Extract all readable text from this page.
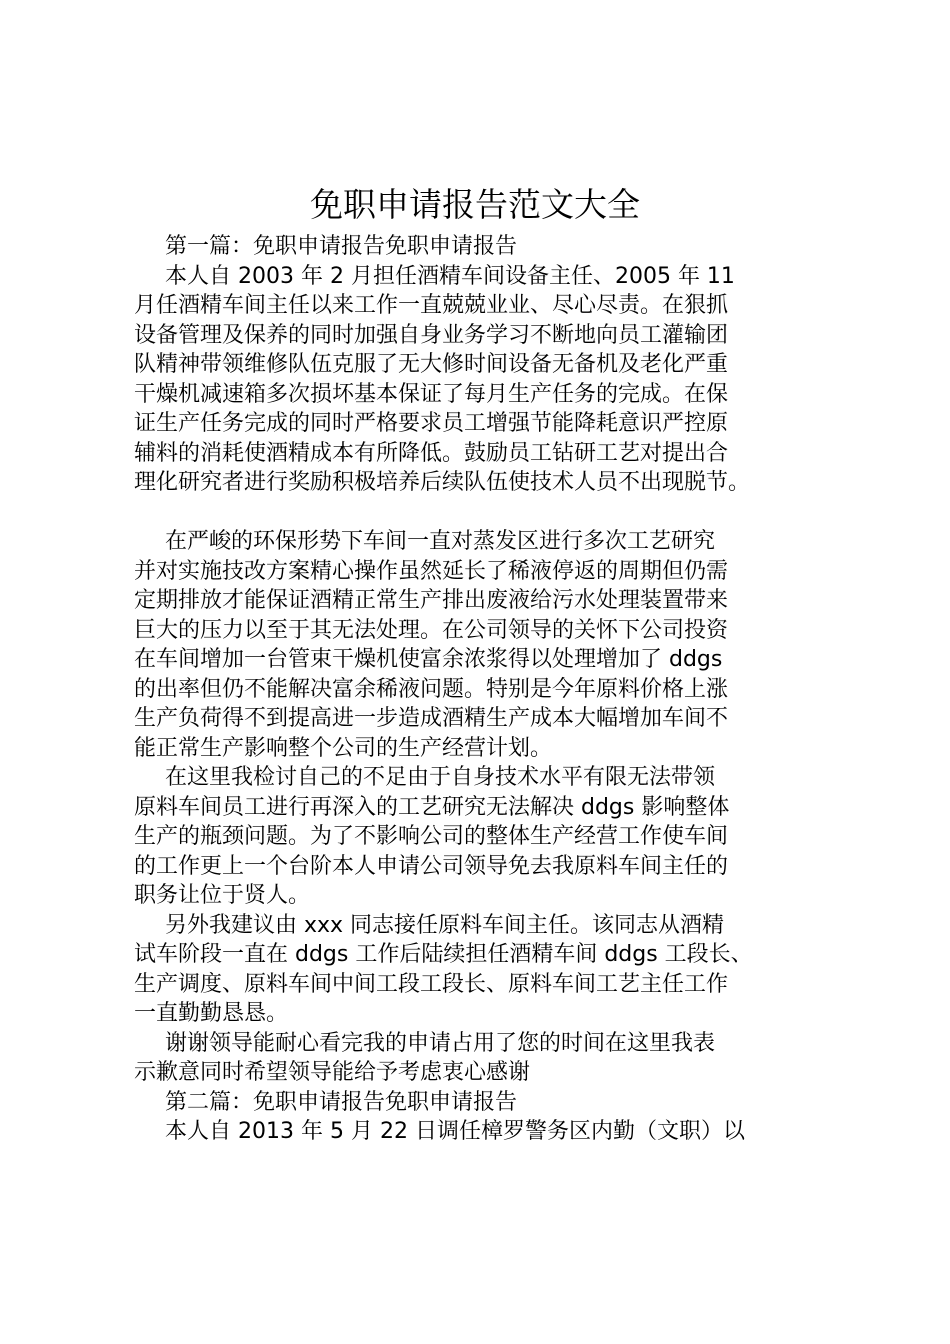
免职申请报告范文大全
第一篇：免职申请报告免职申请报告
本人自 2003 年 2 月担任酒精车间设备主任、2005 年 11
月任酒精车间主任以来工作一直兢兢业业、尽心尽责。在狠抓
设备管理及保养的同时加强自身业务学习不断地向员工灌输团
队精神带领维修队伍克服了无大修时间设备无备机及老化严重
干燥机减速箱多次损坏基本保证了每月生产任务的完成。在保
证生产任务完成的同时严格要求员工增强节能降耗意识严控原
辅料的消耗使酒精成本有所降低。鼓励员工钻研工艺对提出合
理化研究者进行奖励积极培养后续队伍使技术人员不出现脱节。
在严峻的环保形势下车间一直对蒸发区进行多次工艺研究
并对实施技改方案精心操作虽然延长了稀液停返的周期但仍需
定期排放才能保证酒精正常生产排出废液给污水处理装置带来
巨大的压力以至于其无法处理。在公司领导的关怀下公司投资
在车间增加一台管束干燥机使富余浓浆得以处理增加了 ddgs
的出率但仍不能解决富余稀液问题。特别是今年原料价格上涨
生产负荷得不到提高进一步造成酒精生产成本大幅增加车间不
能正常生产影响整个公司的生产经营计划。
在这里我检讨自己的不足由于自身技术水平有限无法带领
原料车间员工进行再深入的工艺研究无法解决 ddgs 影响整体
生产的瓶颈问题。为了不影响公司的整体生产经营工作使车间
的工作更上一个台阶本人申请公司领导免去我原料车间主任的
职务让位于贤人。
另外我建议由 xxx 同志接任原料车间主任。该同志从酒精
试车阶段一直在 ddgs 工作后陆续担任酒精车间 ddgs 工段长、
生产调度、原料车间中间工段工段长、原料车间工艺主任工作
一直勤勤恳恳。
谢谢领导能耐心看完我的申请占用了您的时间在这里我表
示歉意同时希望领导能给予考虑衷心感谢
第二篇：免职申请报告免职申请报告
本人自 2013 年 5 月 22 日调任樟罗警务区内勤（文职）以
